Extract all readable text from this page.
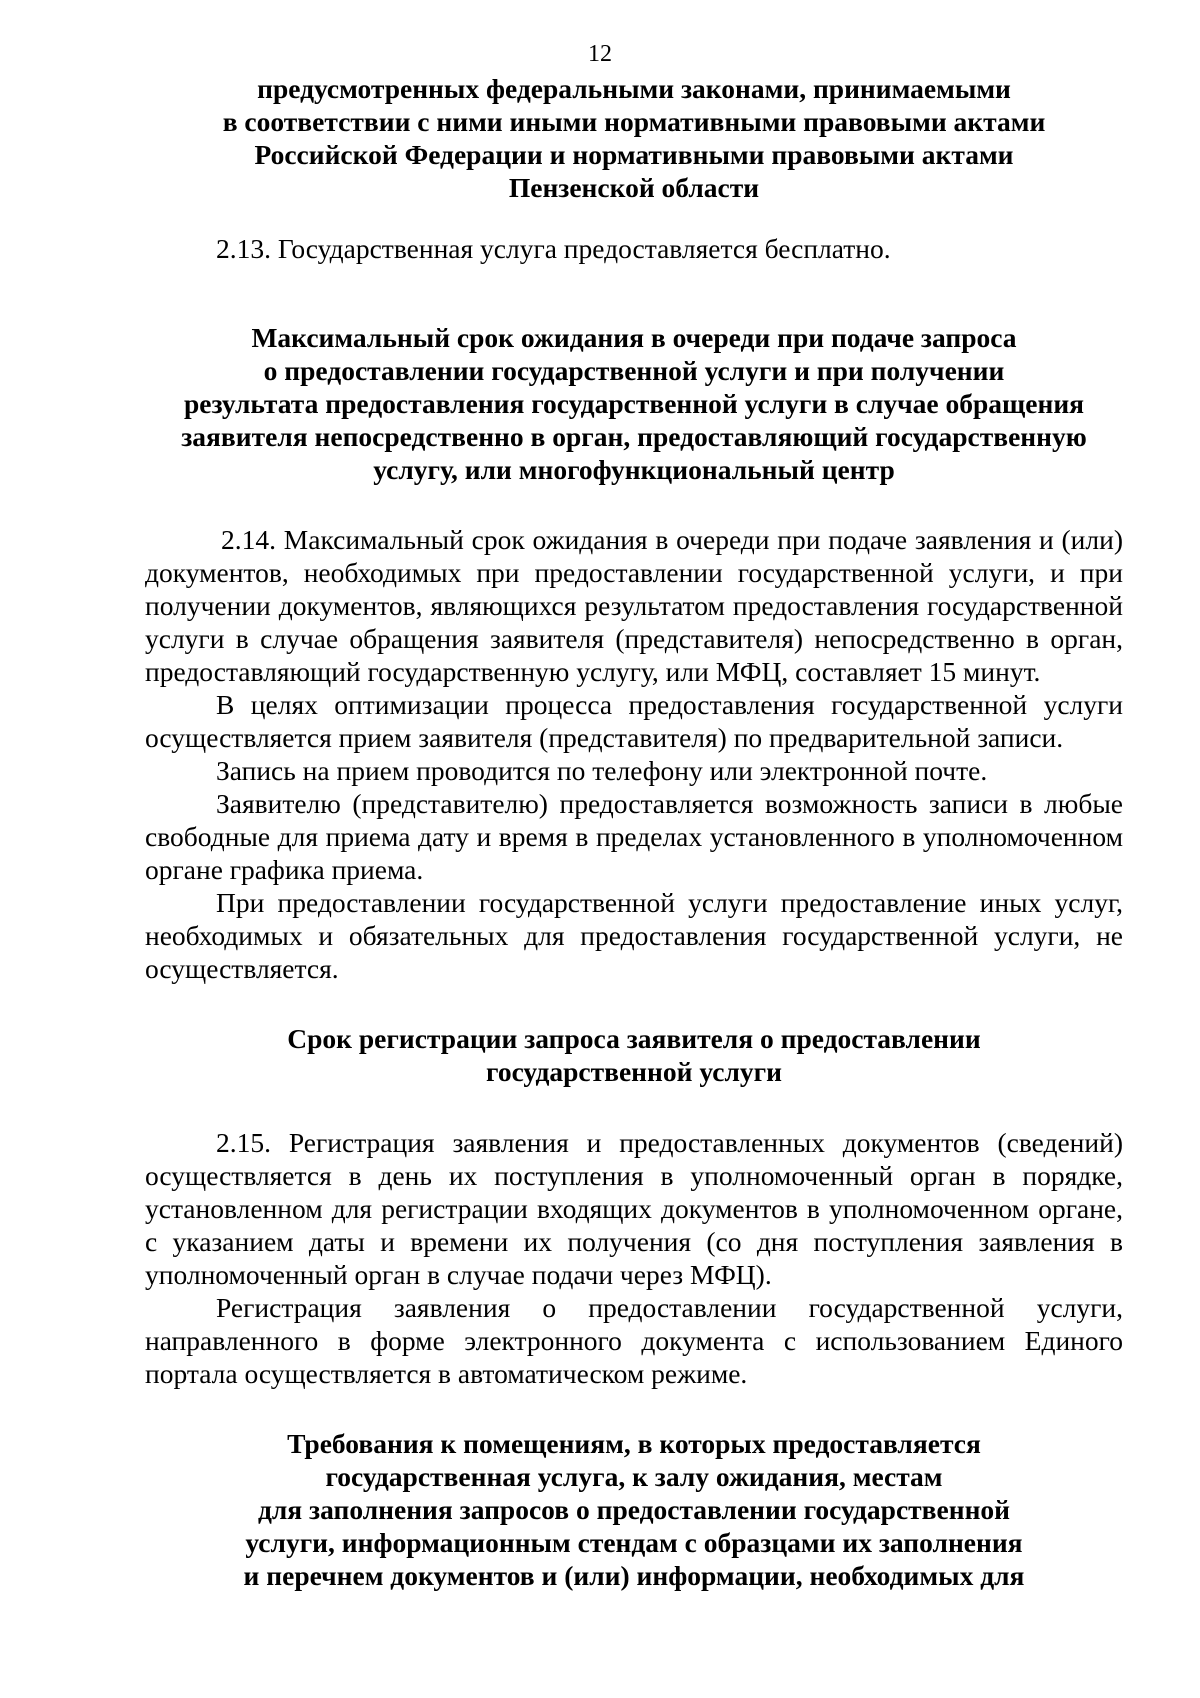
12

предусмотренных федеральными законами, принимаемыми

в соответствии с ними иными нормативными правовыми актами

Российской Федерации и нормативными правовыми актами

Пензенской области

2.13. Государственная услуга предоставляется бесплатно.

Максимальный срок ожидания в очереди при подаче запроса

о предоставлении государственной услуги и при получении

результата предоставления государственной услуги в случае обращения

заявителя непосредственно в орган, предоставляющий государственную

услугу, или многофункциональный центр

2.14. Максимальный срок ожидания в очереди при подаче заявления и (или) документов, необходимых при предоставлении государственной услуги, и при получении документов, являющихся результатом предоставления государственной услуги в случае обращения заявителя (представителя) непосредственно в орган, предоставляющий государственную услугу, или МФЦ, составляет 15 минут.

В целях оптимизации процесса предоставления государственной услуги осуществляется прием заявителя (представителя) по предварительной записи.

Запись на прием проводится по телефону или электронной почте.

Заявителю (представителю) предоставляется возможность записи в любые свободные для приема дату и время в пределах установленного в уполномоченном органе графика приема.

При предоставлении государственной услуги предоставление иных услуг, необходимых и обязательных для предоставления государственной услуги, не осуществляется.

Срок регистрации запроса заявителя о предоставлении

государственной услуги

2.15. Регистрация заявления и предоставленных документов (сведений) осуществляется в день их поступления в уполномоченный орган в порядке, установленном для регистрации входящих документов в уполномоченном органе, с указанием даты и времени их получения (со дня поступления заявления в уполномоченный орган в случае подачи через МФЦ).

Регистрация заявления о предоставлении государственной услуги, направленного в форме электронного документа с использованием Единого портала осуществляется в автоматическом режиме.

Требования к помещениям, в которых предоставляется

государственная услуга, к залу ожидания, местам

для заполнения запросов о предоставлении государственной

услуги, информационным стендам с образцами их заполнения

и перечнем документов и (или) информации, необходимых для
